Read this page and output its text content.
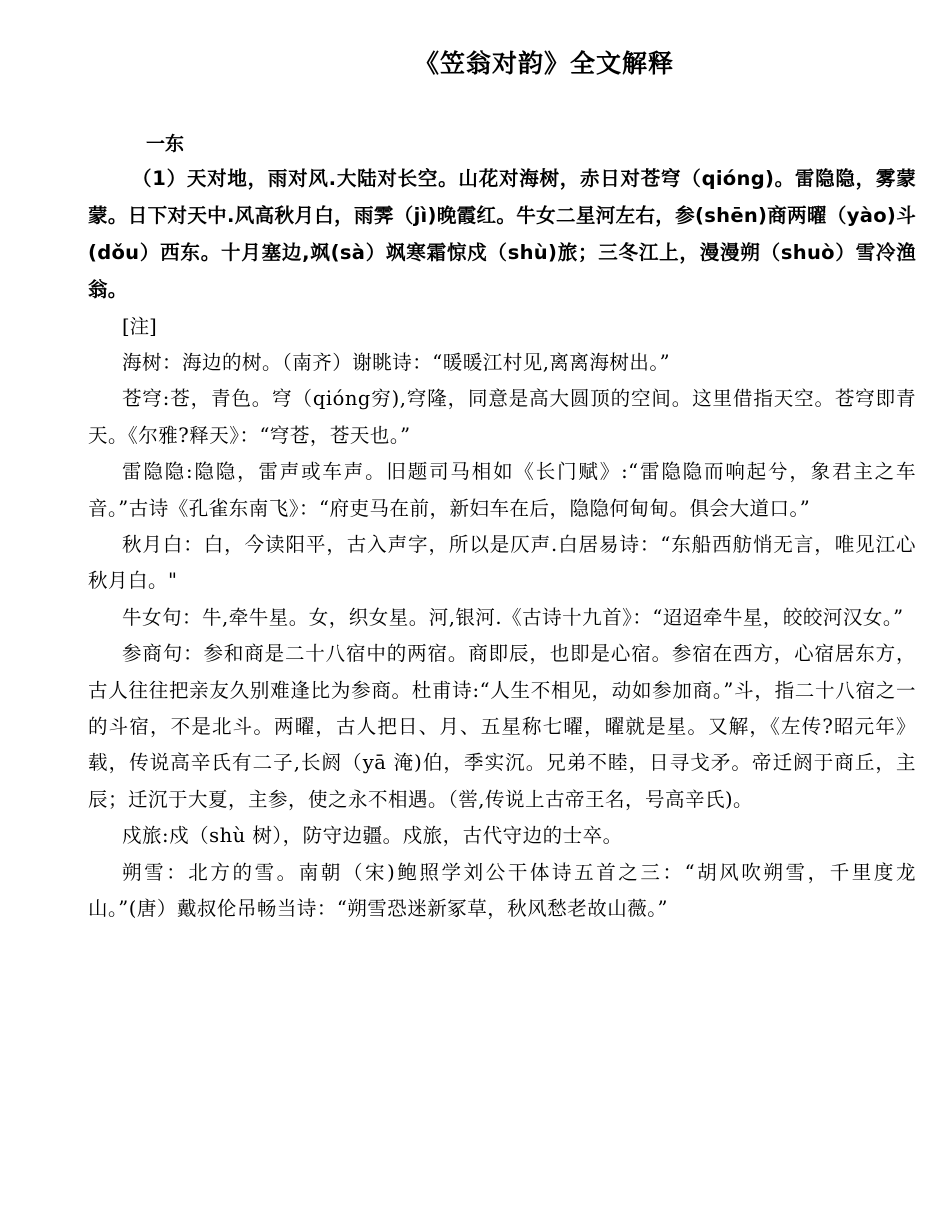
《笠翁对韵》全文解释
一东

（1）天对地，雨对风.大陆对长空。山花对海树，赤日对苍穹（qióng)。雷隐隐，雾蒙蒙。日下对天中.风高秋月白，雨霁（jì)晚霞红。牛女二星河左右，参(shēn)商两曜（yào)斗(dǒu）西东。十月塞边,飒(sà）飒寒霜惊戍（shù)旅；三冬江上，漫漫朔（shuò）雪冷渔翁。

[注]

海树：海边的树。（南齐）谢眺诗：“暖暖江村见,离离海树出。”

苍穹:苍，青色。穹（qióng穷),穹隆，同意是高大圆顶的空间。这里借指天空。苍穹即青天。《尔雅?释天》：“穹苍，苍天也。”

雷隐隐:隐隐，雷声或车声。旧题司马相如《长门赋》:“雷隐隐而响起兮，象君主之车音。”古诗《孔雀东南飞》：“府吏马在前，新妇车在后，隐隐何甸甸。俱会大道口。”

秋月白：白，今读阳平，古入声字，所以是仄声.白居易诗：“东船西舫悄无言，唯见江心秋月白。"

牛女句：牛,牵牛星。女，织女星。河,银河.《古诗十九首》：“迢迢牵牛星，皎皎河汉女。”

参商句：参和商是二十八宿中的两宿。商即辰，也即是心宿。参宿在西方，心宿居东方，古人往往把亲友久别难逢比为参商。杜甫诗:“人生不相见，动如参加商。”斗，指二十八宿之一的斗宿，不是北斗。两曜，古人把日、月、五星称七曜，曜就是星。又解，《左传?昭元年》载，传说高辛氏有二子,长阏（yā 淹)伯，季实沉。兄弟不睦，日寻戈矛。帝迁阏于商丘，主辰；迁沉于大夏，主参，使之永不相遇。（喾,传说上古帝王名，号高辛氏)。

戍旅:戍（shù 树），防守边疆。戍旅，古代守边的士卒。

朔雪：北方的雪。南朝（宋)鲍照学刘公干体诗五首之三：“胡风吹朔雪，千里度龙山。”(唐）戴叔伦吊畅当诗：“朔雪恐迷新冢草，秋风愁老故山薇。”
